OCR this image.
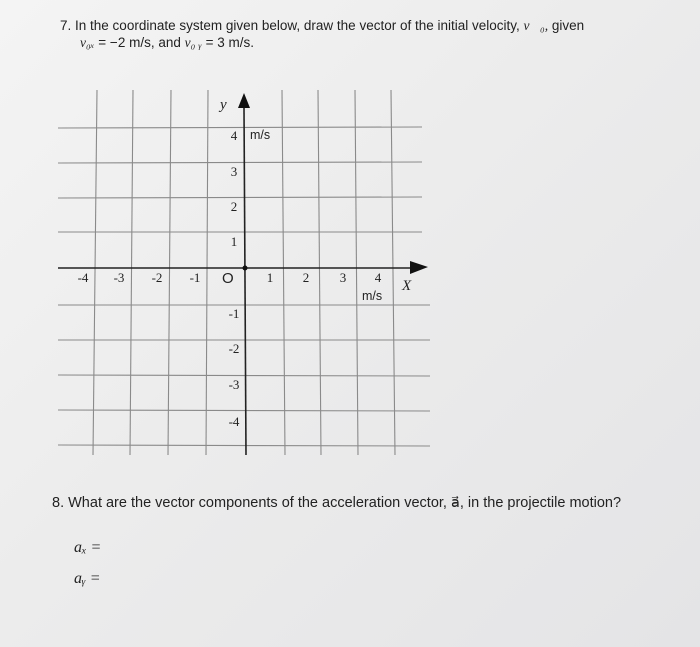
7. In the coordinate system given below, draw the vector of the initial velocity, v⃗₀, given
v₀ₓ = −2 m/s, and v₀ ᵧ = 3 m/s.
y
X
O
m/s
m/s
-4	-3	-2	-1	1	2	3	4
4
3
2
1
-1
-2
-3
-4
8. What are the vector components of the acceleration vector, a⃗, in the projectile motion?
aₓ =
aᵧ =
